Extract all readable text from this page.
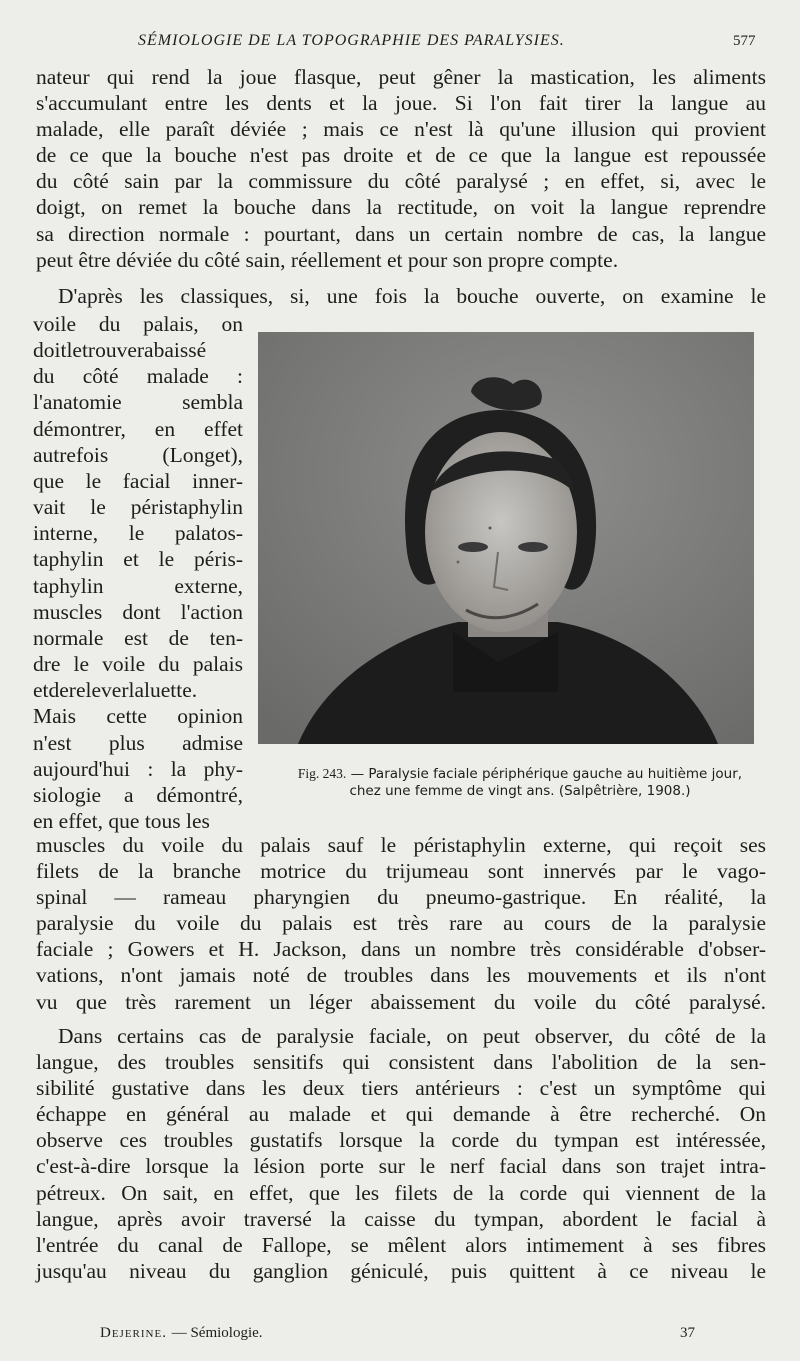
SÉMIOLOGIE DE LA TOPOGRAPHIE DES PARALYSIES.	577
nateur qui rend la joue flasque, peut gêner la mastication, les aliments
s'accumulant entre les dents et la joue. Si l'on fait tirer la langue au
malade, elle paraît déviée ; mais ce n'est là qu'une illusion qui provient
de ce que la bouche n'est pas droite et de ce que la langue est repoussée
du côté sain par la commissure du côté paralysé ; en effet, si, avec le
doigt, on remet la bouche dans la rectitude, on voit la langue reprendre
sa direction normale : pourtant, dans un certain nombre de cas, la langue
peut être déviée du côté sain, réellement et pour son propre compte.
D'après les classiques, si, une fois la bouche ouverte, on examine le
voile du palais, on
doitletrouverabaissé
du côté malade :
l'anatomie sembla
démontrer, en effet
autrefois (Longet),
que le facial inner-
vait le péristaphylin
interne, le palatos-
taphylin et le péris-
taphylin externe,
muscles dont l'action
normale est de ten-
dre le voile du palais
etdereleverlaluette.
Mais cette opinion
n'est plus admise
aujourd'hui : la phy-
siologie a démontré,
en effet, que tous les
Fig. 243. — Paralysie faciale périphérique gauche au huitième jour,
chez une femme de vingt ans. (Salpêtrière, 1908.)
muscles du voile du palais sauf le péristaphylin externe, qui reçoit ses
filets de la branche motrice du trijumeau sont innervés par le vago-
spinal — rameau pharyngien du pneumo-gastrique. En réalité, la
paralysie du voile du palais est très rare au cours de la paralysie
faciale ; Gowers et H. Jackson, dans un nombre très considérable d'obser-
vations, n'ont jamais noté de troubles dans les mouvements et ils n'ont
vu que très rarement un léger abaissement du voile du côté paralysé.
Dans certains cas de paralysie faciale, on peut observer, du côté de la
langue, des troubles sensitifs qui consistent dans l'abolition de la sen-
sibilité gustative dans les deux tiers antérieurs : c'est un symptôme qui
échappe en général au malade et qui demande à être recherché. On
observe ces troubles gustatifs lorsque la corde du tympan est intéressée,
c'est-à-dire lorsque la lésion porte sur le nerf facial dans son trajet intra-
pétreux. On sait, en effet, que les filets de la corde qui viennent de la
langue, après avoir traversé la caisse du tympan, abordent le facial à
l'entrée du canal de Fallope, se mêlent alors intimement à ses fibres
jusqu'au niveau du ganglion géniculé, puis quittent à ce niveau le
Dejerine. — Sémiologie.	37
